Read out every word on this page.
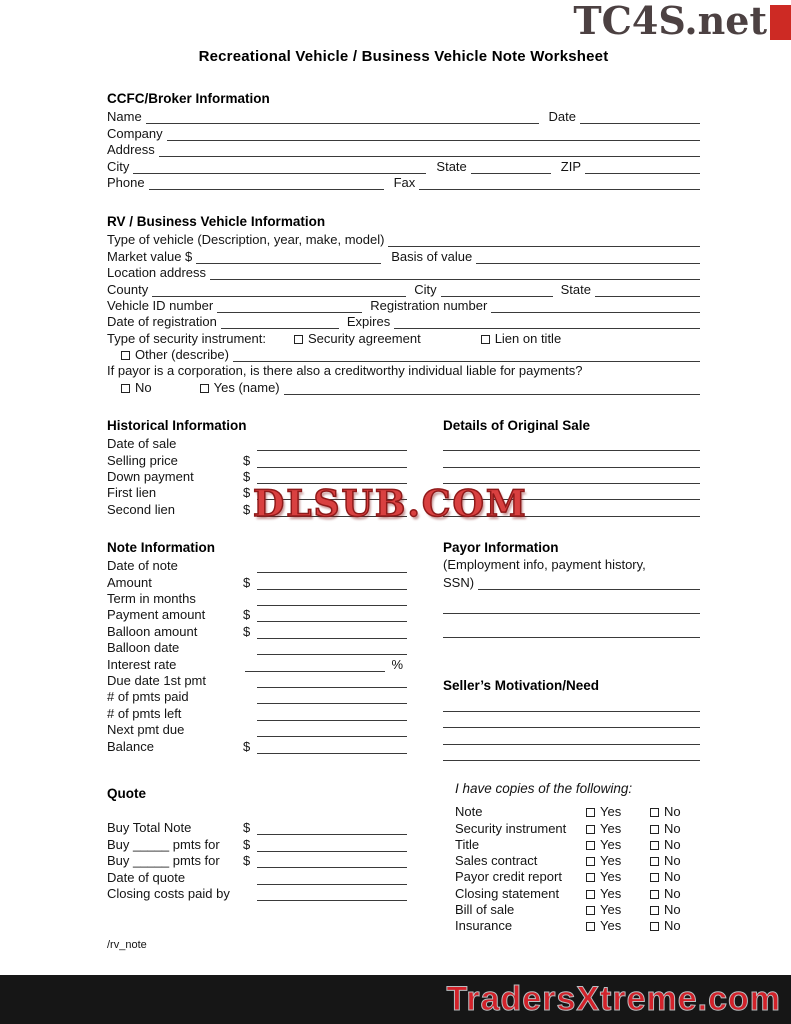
TC4S.net
DLSUB.COM
Recreational Vehicle / Business Vehicle Note Worksheet
CCFC/Broker Information
Name	Date
Company
Address
City	State	ZIP
Phone	Fax
RV / Business Vehicle Information
Type of vehicle (Description, year, make, model)
Market value $	Basis of value
Location address
County	City	State
Vehicle ID number	Registration number
Date of registration	Expires
Type of security instrument:	Security agreement	Lien on title
Other (describe)
If payor is a corporation, is there also a creditworthy individual liable for payments?
No	Yes (name)
Historical Information
Date of sale
Selling price	$
Down payment	$
First lien	$
Second lien	$
Details of Original Sale
Note Information
Date of note
Amount	$
Term in months
Payment amount	$
Balloon amount	$
Balloon date
Interest rate	%
Due date 1st pmt
# of pmts paid
# of pmts left
Next pmt due
Balance	$
Payor Information
(Employment info, payment history,
SSN)
Seller’s Motivation/Need
Quote
Buy Total Note	$
Buy _____ pmts for	$
Buy _____ pmts for	$
Date of quote
Closing costs paid by
I have copies of the following:
Note	Yes	No
Security instrument	Yes	No
Title	Yes	No
Sales contract	Yes	No
Payor credit report	Yes	No
Closing statement	Yes	No
Bill of sale	Yes	No
Insurance	Yes	No
/rv_note
TradersXtreme.com
